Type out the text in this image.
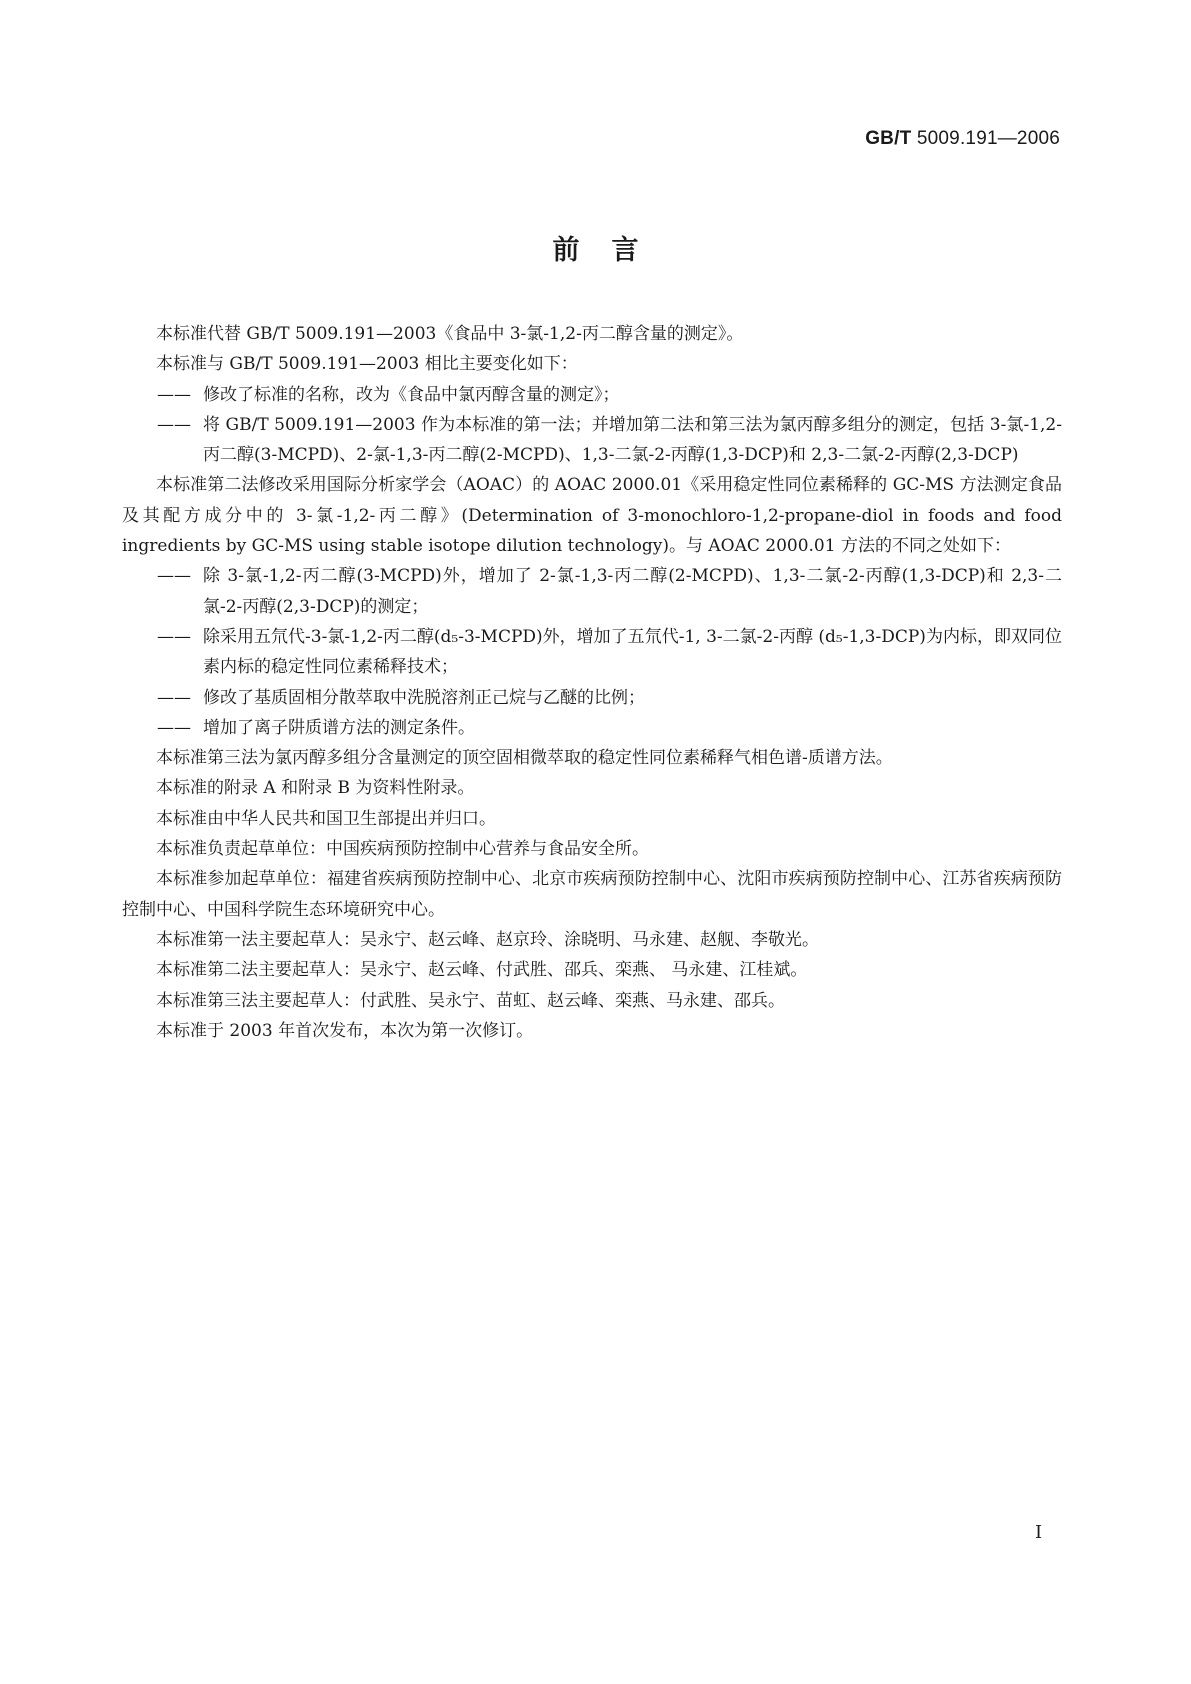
GB/T 5009.191—2006
前言

本标准代替 GB/T 5009.191—2003《食品中 3-氯-1,2-丙二醇含量的测定》。

本标准与 GB/T 5009.191—2003 相比主要变化如下：

—— 修改了标准的名称，改为《食品中氯丙醇含量的测定》；

—— 将 GB/T 5009.191—2003 作为本标准的第一法；并增加第二法和第三法为氯丙醇多组分的测定，包括 3-氯-1,2-丙二醇(3-MCPD)、2-氯-1,3-丙二醇(2-MCPD)、1,3-二氯-2-丙醇(1,3-DCP)和 2,3-二氯-2-丙醇(2,3-DCP)

本标准第二法修改采用国际分析家学会（AOAC）的 AOAC 2000.01《采用稳定性同位素稀释的 GC-MS 方法测定食品及其配方成分中的 3-氯-1,2-丙二醇》(Determination of 3-monochloro-1,2-propane-diol in foods and food ingredients by GC-MS using stable isotope dilution technology)。与 AOAC 2000.01 方法的不同之处如下：

—— 除 3-氯-1,2-丙二醇(3-MCPD)外，增加了 2-氯-1,3-丙二醇(2-MCPD)、1,3-二氯-2-丙醇(1,3-DCP)和 2,3-二氯-2-丙醇(2,3-DCP)的测定；

—— 除采用五氘代-3-氯-1,2-丙二醇(d₅-3-MCPD)外，增加了五氘代-1, 3-二氯-2-丙醇 (d₅-1,3-DCP)为内标，即双同位素内标的稳定性同位素稀释技术；

—— 修改了基质固相分散萃取中洗脱溶剂正己烷与乙醚的比例；

—— 增加了离子阱质谱方法的测定条件。

本标准第三法为氯丙醇多组分含量测定的顶空固相微萃取的稳定性同位素稀释气相色谱-质谱方法。

本标准的附录 A 和附录 B 为资料性附录。

本标准由中华人民共和国卫生部提出并归口。

本标准负责起草单位：中国疾病预防控制中心营养与食品安全所。

本标准参加起草单位：福建省疾病预防控制中心、北京市疾病预防控制中心、沈阳市疾病预防控制中心、江苏省疾病预防控制中心、中国科学院生态环境研究中心。

本标准第一法主要起草人：吴永宁、赵云峰、赵京玲、涂晓明、马永建、赵舰、李敬光。

本标准第二法主要起草人：吴永宁、赵云峰、付武胜、邵兵、栾燕、 马永建、江桂斌。

本标准第三法主要起草人：付武胜、吴永宁、苗虹、赵云峰、栾燕、马永建、邵兵。

本标准于 2003 年首次发布，本次为第一次修订。

I
